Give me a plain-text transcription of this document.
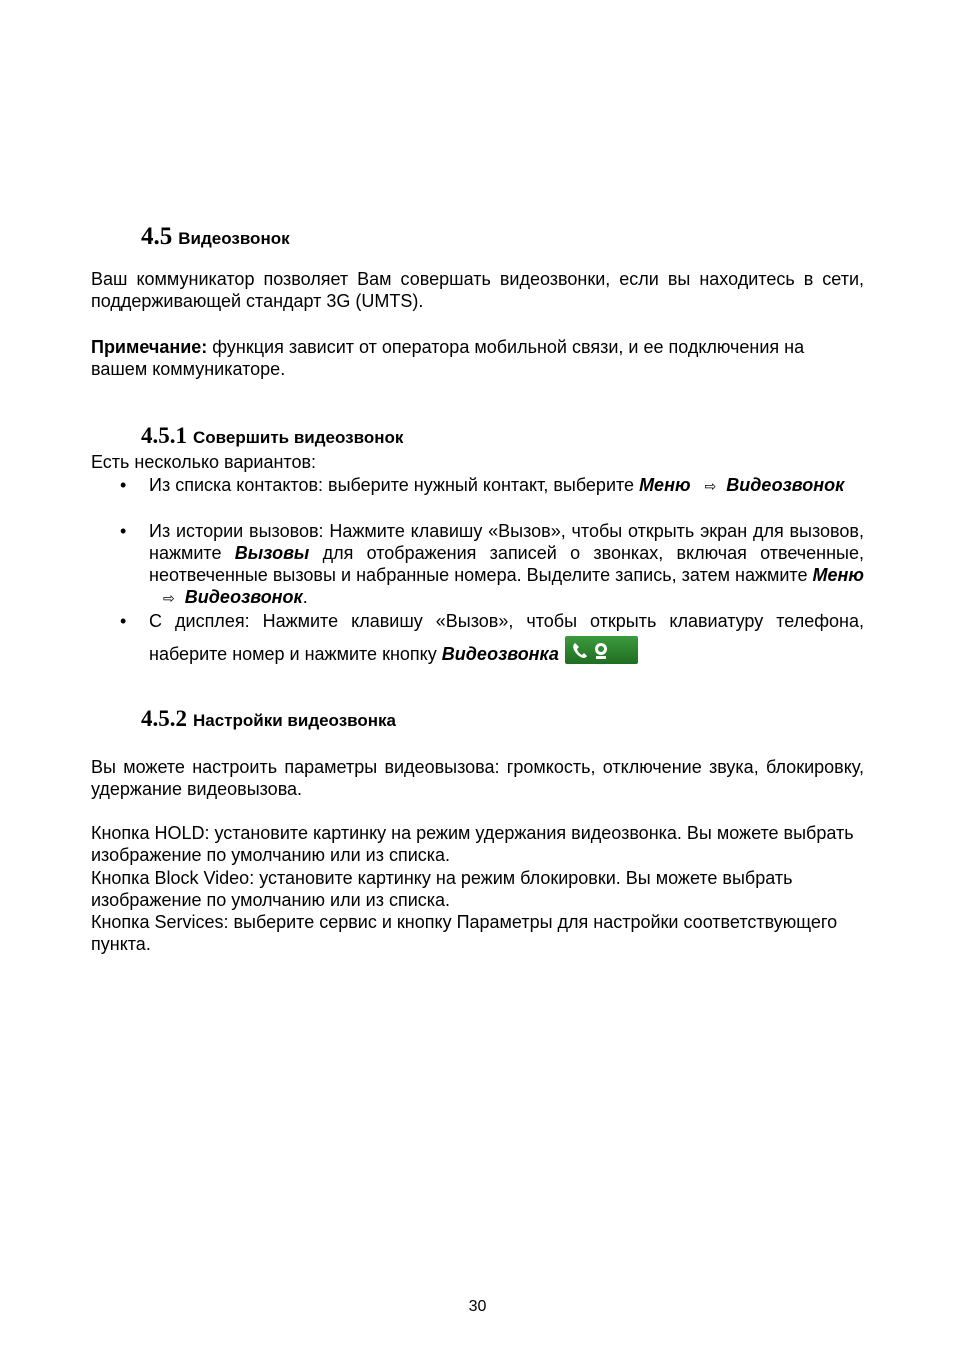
4.5 Видеозвонок
Ваш коммуникатор позволяет Вам совершать видеозвонки, если вы находитесь в сети, поддерживающей стандарт 3G (UMTS).
Примечание: функция зависит от оператора мобильной связи, и ее подключения на вашем коммуникаторе.
4.5.1 Совершить видеозвонок
Есть несколько вариантов:
• Из списка контактов: выберите нужный контакт, выберите Меню ⇨ Видеозвонок
• Из истории вызовов: Нажмите клавишу «Вызов», чтобы открыть экран для вызовов, нажмите Вызовы для отображения записей о звонках, включая отвеченные, неотвеченные вызовы и набранные номера. Выделите запись, затем нажмите Меню⇨ Видеозвонок.
• С дисплея: Нажмите клавишу «Вызов», чтобы открыть клавиатуру телефона, наберите номер и нажмите кнопку Видеозвонка
4.5.2 Настройки видеозвонка
Вы можете настроить параметры видеовызова: громкость, отключение звука, блокировку, удержание видеовызова.
Кнопка HOLD: установите картинку на режим удержания видеозвонка. Вы можете выбрать изображение по умолчанию или из списка.
Кнопка Block Video: установите картинку на режим блокировки. Вы можете выбрать изображение по умолчанию или из списка.
Кнопка Services: выберите сервис и кнопку Параметры для настройки соответствующего пункта.
30
